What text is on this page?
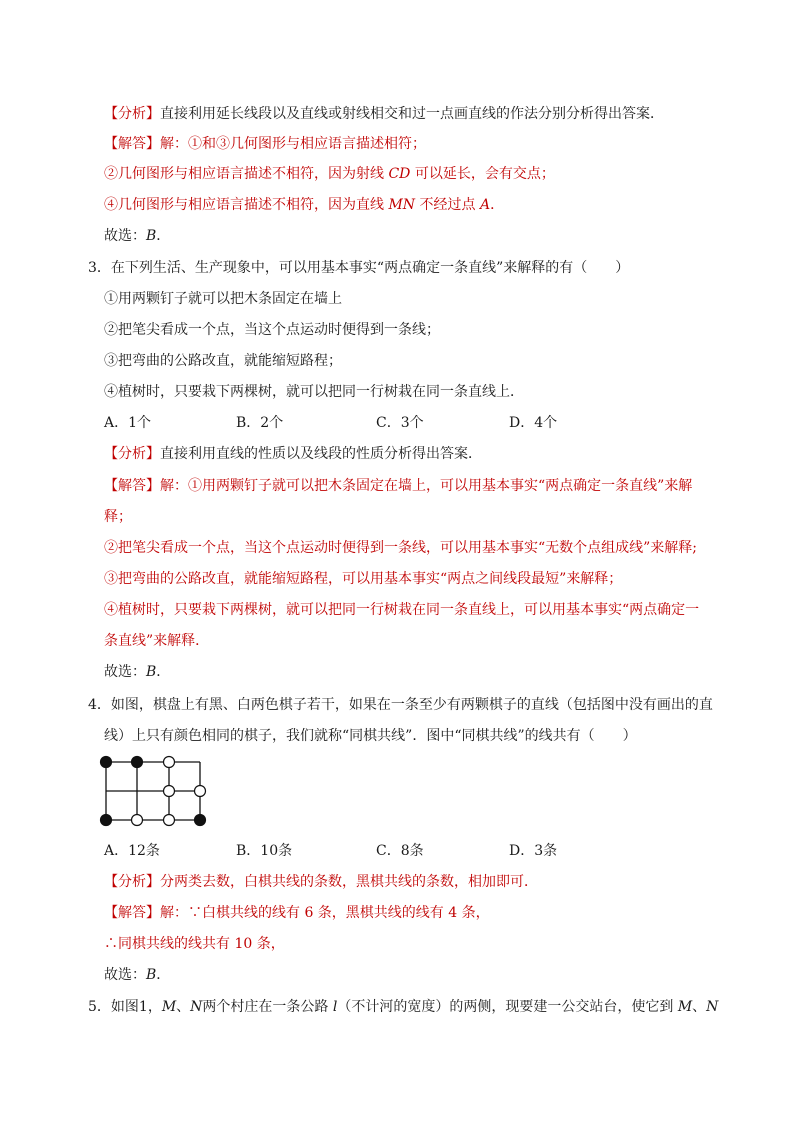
【分析】直接利用延长线段以及直线或射线相交和过一点画直线的作法分别分析得出答案．
【解答】解：①和③几何图形与相应语言描述相符；
②几何图形与相应语言描述不相符，因为射线 CD 可以延长，会有交点；
④几何图形与相应语言描述不相符，因为直线 MN 不经过点 A．
故选：B．
3．在下列生活、生产现象中，可以用基本事实“两点确定一条直线”来解释的有（　　）
①用两颗钉子就可以把木条固定在墙上
②把笔尖看成一个点，当这个点运动时便得到一条线；
③把弯曲的公路改直，就能缩短路程；
④植树时，只要栽下两棵树，就可以把同一行树栽在同一条直线上．
A．1个	B．2个	C．3个	D．4个
【分析】直接利用直线的性质以及线段的性质分析得出答案．
【解答】解：①用两颗钉子就可以把木条固定在墙上，可以用基本事实“两点确定一条直线”来解
释；
②把笔尖看成一个点，当这个点运动时便得到一条线，可以用基本事实“无数个点组成线”来解释;
③把弯曲的公路改直，就能缩短路程，可以用基本事实“两点之间线段最短”来解释；
④植树时，只要栽下两棵树，就可以把同一行树栽在同一条直线上，可以用基本事实“两点确定一
条直线”来解释．
故选：B．
4．如图，棋盘上有黑、白两色棋子若干，如果在一条至少有两颗棋子的直线（包括图中没有画出的直
线）上只有颜色相同的棋子，我们就称“同棋共线”．图中“同棋共线”的线共有（　　）
A．12条	B．10条	C．8条	D．3条
【分析】分两类去数，白棋共线的条数，黑棋共线的条数，相加即可．
【解答】解：∵白棋共线的线有 6 条，黑棋共线的线有 4 条，
∴同棋共线的线共有 10 条，
故选：B．
5．如图1，M、N两个村庄在一条公路 l（不计河的宽度）的两侧，现要建一公交站台，使它到 M、N
